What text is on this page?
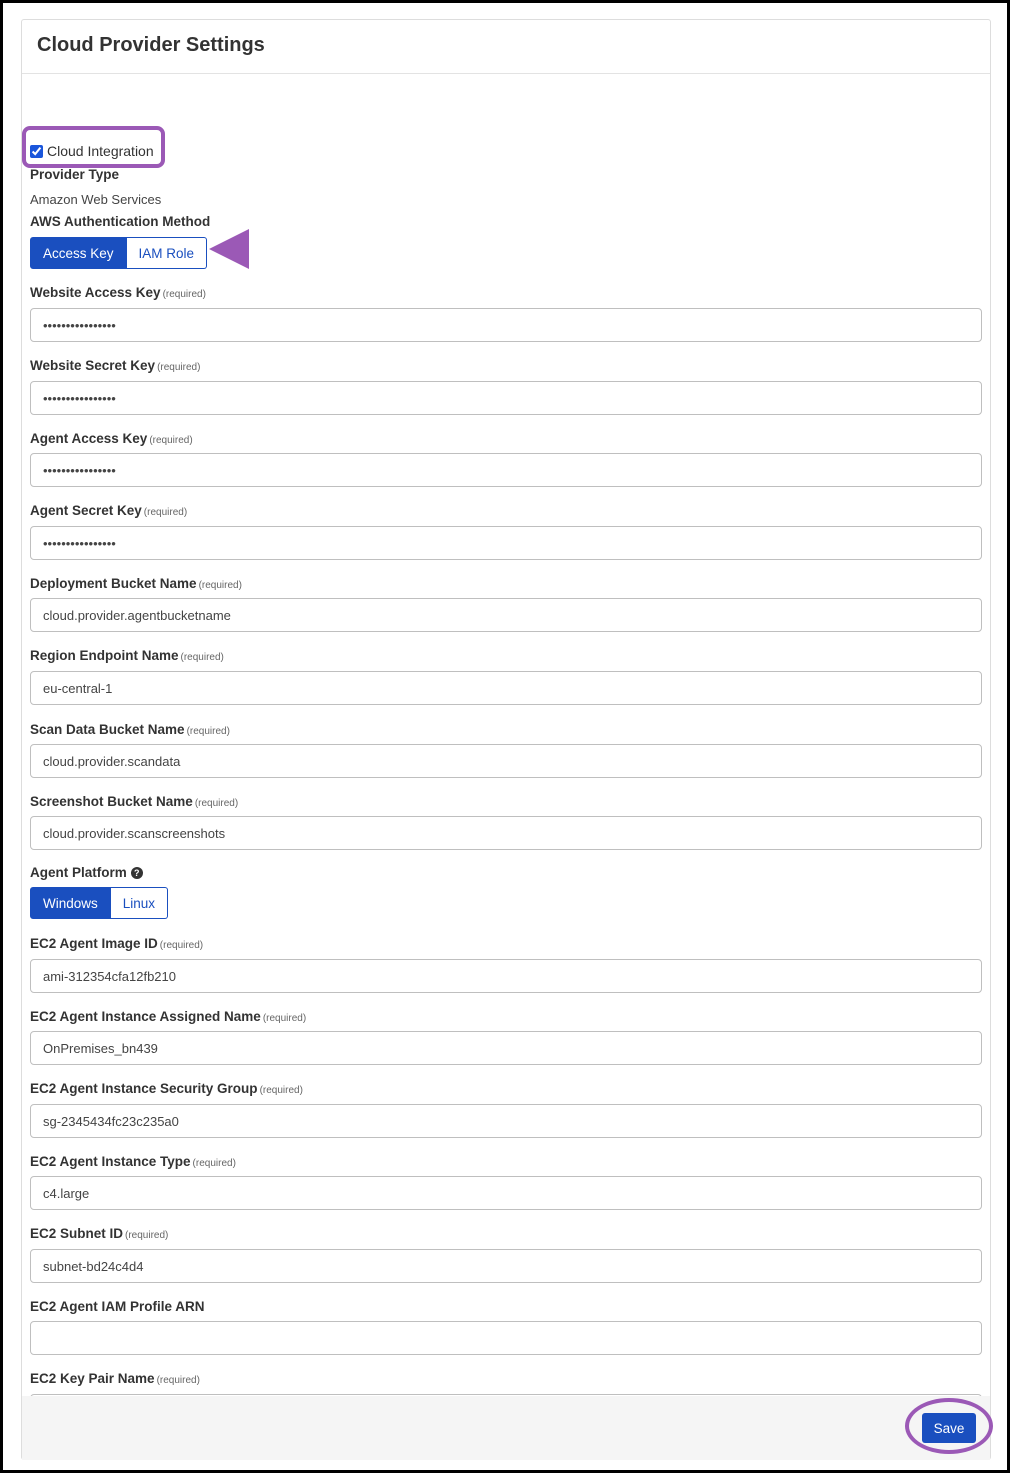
Cloud Provider Settings
Cloud Integration
Provider Type
Amazon Web Services
AWS Authentication Method
Access Key	IAM Role
Website Access Key (required)
••••••••••••••••
Website Secret Key (required)
••••••••••••••••
Agent Access Key (required)
••••••••••••••••
Agent Secret Key (required)
••••••••••••••••
Deployment Bucket Name (required)
cloud.provider.agentbucketname
Region Endpoint Name (required)
eu-central-1
Scan Data Bucket Name (required)
cloud.provider.scandata
Screenshot Bucket Name (required)
cloud.provider.scanscreenshots
Agent Platform ?
Windows	Linux
EC2 Agent Image ID (required)
ami-312354cfa12fb210
EC2 Agent Instance Assigned Name (required)
OnPremises_bn439
EC2 Agent Instance Security Group (required)
sg-2345434fc23c235a0
EC2 Agent Instance Type (required)
c4.large
EC2 Subnet ID (required)
subnet-bd24c4d4
EC2 Agent IAM Profile ARN
EC2 Key Pair Name (required)
QA
Save
